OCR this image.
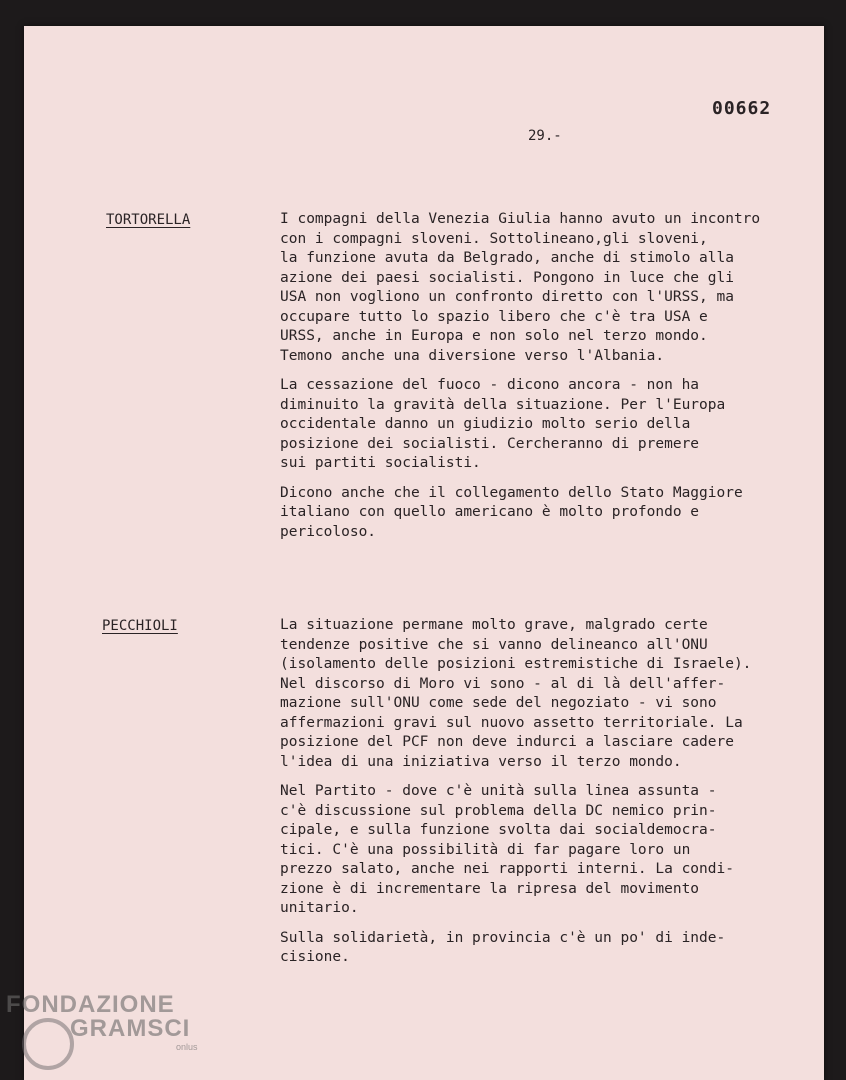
00662
29.-
TORTORELLA	I compagni della Venezia Giulia hanno avuto un incontro
con i compagni sloveni. Sottolineano,gli sloveni,
la funzione avuta da Belgrado, anche di stimolo alla
azione dei paesi socialisti. Pongono in luce che gli
USA non vogliono un confronto diretto con l'URSS, ma
occupare tutto lo spazio libero che c'è tra USA e
URSS, anche in Europa e non solo nel terzo mondo.
Temono anche una diversione verso l'Albania.
La cessazione del fuoco - dicono ancora - non ha
diminuito la gravità della situazione. Per l'Europa
occidentale danno un giudizio molto serio della
posizione dei socialisti. Cercheranno di premere
sui partiti socialisti.
Dicono anche che il collegamento dello Stato Maggiore
italiano con quello americano è molto profondo e
pericoloso.
PECCHIOLI	La situazione permane molto grave, malgrado certe
tendenze positive che si vanno delineanco all'ONU
(isolamento delle posizioni estremistiche di Israele).
Nel discorso di Moro vi sono - al di là dell'affer-
mazione sull'ONU come sede del negoziato - vi sono
affermazioni gravi sul nuovo assetto territoriale. La
posizione del PCF non deve indurci a lasciare cadere
l'idea di una iniziativa verso il terzo mondo.
Nel Partito - dove c'è unità sulla linea assunta -
c'è discussione sul problema della DC nemico prin-
cipale, e sulla funzione svolta dai socialdemocra-
tici. C'è una possibilità di far pagare loro un
prezzo salato, anche nei rapporti interni. La condi-
zione è di incrementare la ripresa del movimento
unitario.
Sulla solidarietà, in provincia c'è un po' di inde-
cisione.
FONDAZIONE
GRAMSCI
onlus
